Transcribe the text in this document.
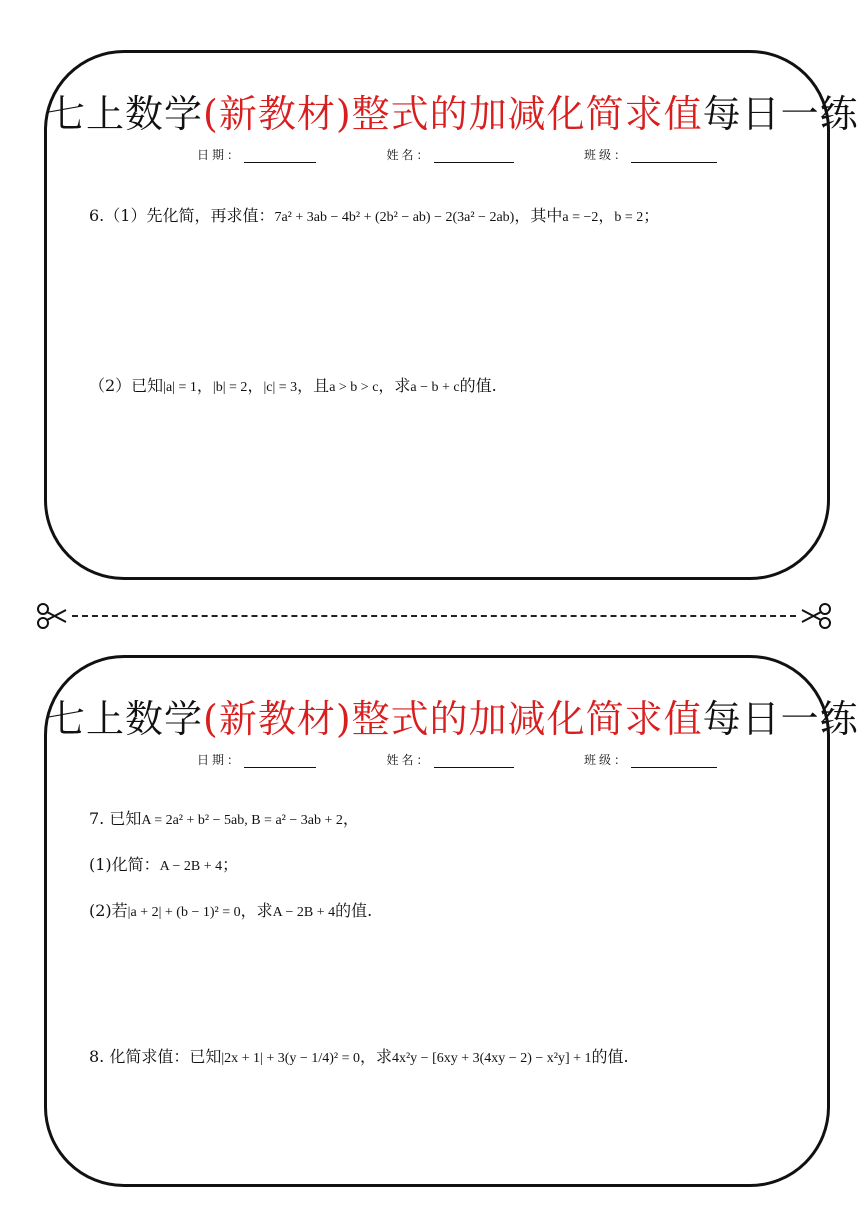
七上数学(新教材)整式的加减化简求值每日一练
日期：	姓名：	班级：
6.（1）先化简，再求值：7a² + 3ab − 4b² + (2b² − ab) − 2(3a² − 2ab)，其中a = −2，b = 2；
（2）已知|a| = 1，|b| = 2，|c| = 3，且a > b > c，求a − b + c的值.
七上数学(新教材)整式的加减化简求值每日一练
日期：	姓名：	班级：
7. 已知A = 2a² + b² − 5ab, B = a² − 3ab + 2，
(1)化简：A − 2B + 4；
(2)若|a + 2| + (b − 1)² = 0，求A − 2B + 4的值.
8. 化简求值：已知|2x + 1| + 3(y − 1/4)² = 0，求4x²y − [6xy + 3(4xy − 2) − x²y] + 1的值.
